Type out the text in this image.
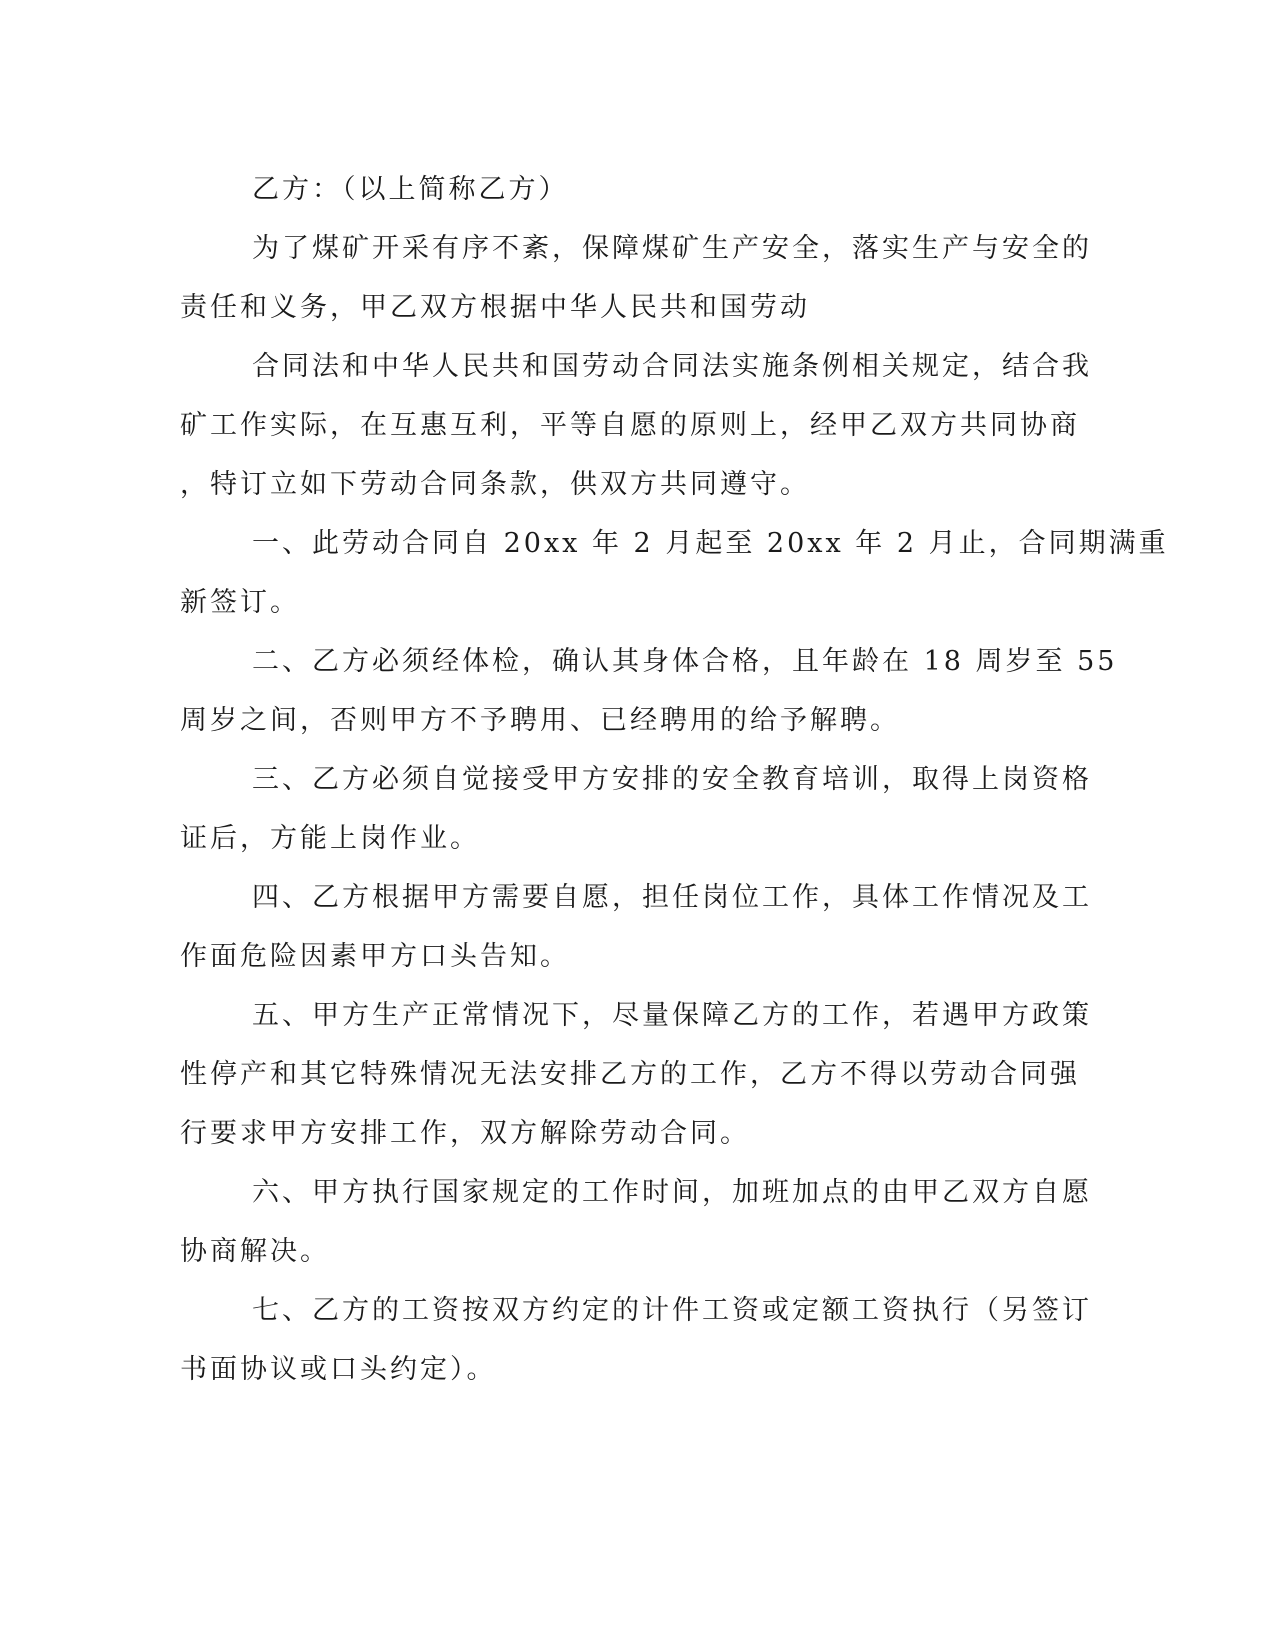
乙方：（以上简称乙方）
为了煤矿开采有序不紊，保障煤矿生产安全，落实生产与安全的
责任和义务，甲乙双方根据中华人民共和国劳动
合同法和中华人民共和国劳动合同法实施条例相关规定，结合我
矿工作实际，在互惠互利，平等自愿的原则上，经甲乙双方共同协商
，特订立如下劳动合同条款，供双方共同遵守。
一、此劳动合同自 20xx 年 2 月起至 20xx 年 2 月止，合同期满重
新签订。
二、乙方必须经体检，确认其身体合格，且年龄在 18 周岁至 55
周岁之间，否则甲方不予聘用、已经聘用的给予解聘。
三、乙方必须自觉接受甲方安排的安全教育培训，取得上岗资格
证后，方能上岗作业。
四、乙方根据甲方需要自愿，担任岗位工作，具体工作情况及工
作面危险因素甲方口头告知。
五、甲方生产正常情况下，尽量保障乙方的工作，若遇甲方政策
性停产和其它特殊情况无法安排乙方的工作，乙方不得以劳动合同强
行要求甲方安排工作，双方解除劳动合同。
六、甲方执行国家规定的工作时间，加班加点的由甲乙双方自愿
协商解决。
七、乙方的工资按双方约定的计件工资或定额工资执行（另签订
书面协议或口头约定）。
